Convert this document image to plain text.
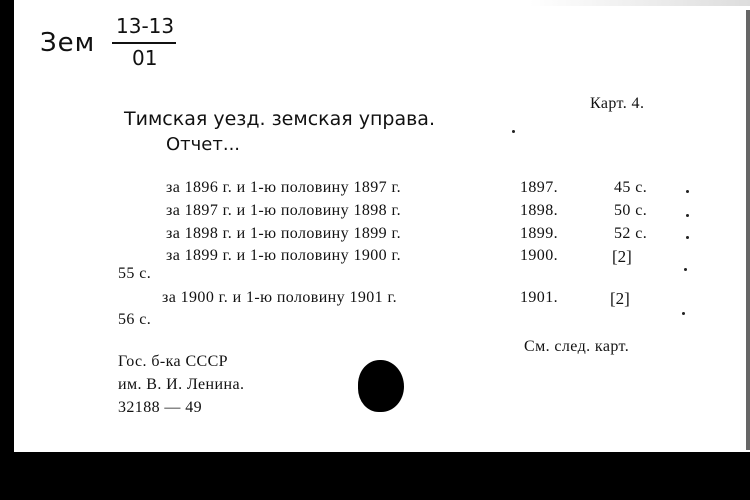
Зем
13-13
01
Карт. 4.
Тимская уезд. земская управа.
Отчет...
за 1896 г. и 1-ю половину 1897 г.	1897.	45 с.
за 1897 г. и 1-ю половину 1898 г.	1898.	50 с.
за 1898 г. и 1-ю половину 1899 г.	1899.	52 с.
за 1899 г. и 1-ю половину 1900 г.	1900.	[2]
55 с.
за 1900 г. и 1-ю половину 1901 г.	1901.	[2]
56 с.
См. след. карт.
Гос. б-ка СССР
им. В. И. Ленина.
32188 — 49
